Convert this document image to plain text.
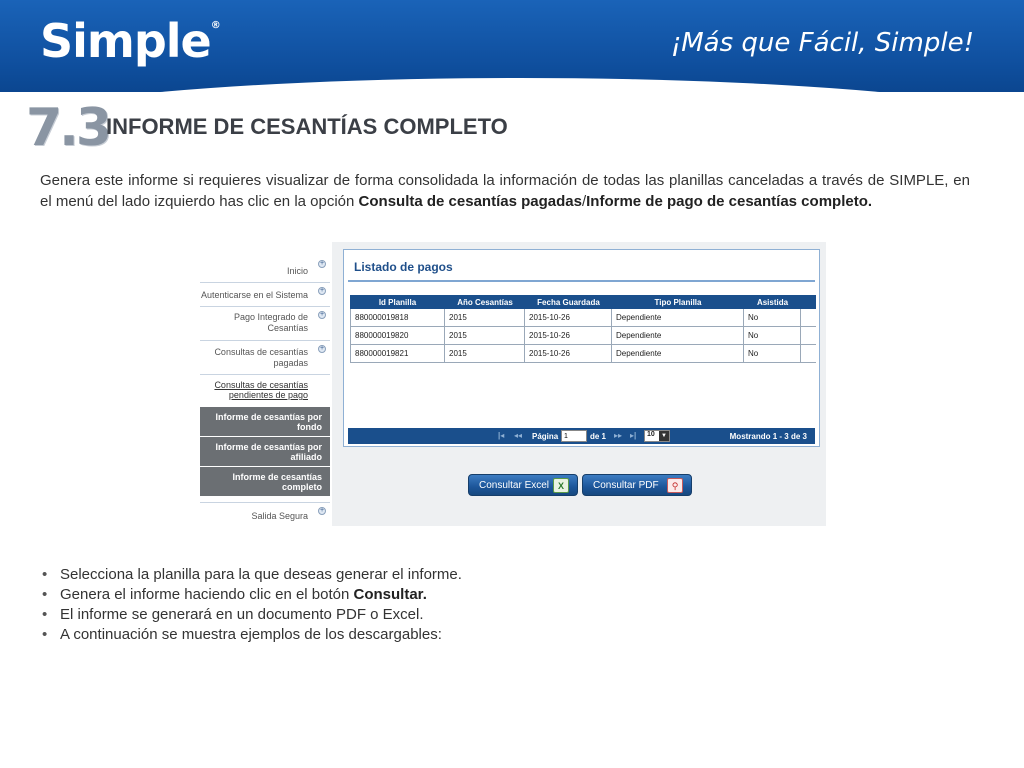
Simple®
¡Más que Fácil, Simple!
7.3
INFORME DE CESANTÍAS COMPLETO
Genera este informe si requieres visualizar de forma consolidada la información de todas las planillas canceladas a través de SIMPLE, en el menú del lado izquierdo has clic en la opción Consulta de cesantías pagadas/Informe de pago de cesantías completo.
Inicio
+
Autenticarse en el Sistema +
Pago Integrado de
Cesantías
+
Consultas de cesantías
pagadas
+
Consultas de cesantías
pendientes de pago
Informe de cesantías por
fondo
Informe de cesantías por
afiliado
Informe de cesantías
completo
Salida Segura
+
Listado de pagos
Id Planilla	Año Cesantías	Fecha Guardada	Tipo Planilla	Asistida
880000019818	2015	2015-10-26	Dependiente	No
880000019820	2015	2015-10-26	Dependiente	No
880000019821	2015	2015-10-26	Dependiente	No
|◂ ◂◂ Página
1	de 1 ▸▸ ▸|	10	▼	Mostrando 1 - 3 de 3
Consultar Excel X	Consultar PDF	⚲
• Selecciona la planilla para la que deseas generar el informe.
• Genera el informe haciendo clic en el botón Consultar.
• El informe se generará en un documento PDF o Excel.
• A continuación se muestra ejemplos de los descargables:
